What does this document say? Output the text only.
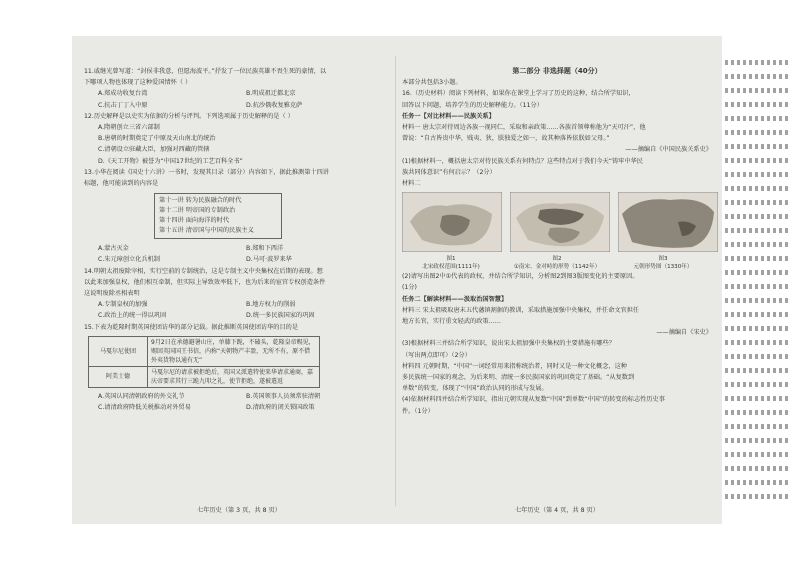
11.戚继光曾写道：“封侯非我意，但愿海波平。”抒发了一位民族英雄不畏生死的豪情，以
下哪项人物也体现了这种爱国情怀（ ）
A.郑成功收复台湾	B.明成祖迁都北京
C.抗击丁丁入中原	D.抗沙俄收复雅克萨
12.历史解释是以史实为依据的分析与评判。下列选项属于历史解释的是（ ）
A.隋朝创立三省六部制
B.唐朝的时期奠定了中原及天山南北的统治
C.清朝设立驻藏大臣，加强对西藏的管辖
D.《天工开物》被誉为“中国17世纪的工艺百科全书”
13.小华在阅读《国史十六讲》一书时，发现其目录（部分）内容如下，据此推测第十四讲
标题，他可能读到的内容是
第十一讲 转为民族融合的时代
第十二讲 明帝国的专制政治
第十四讲 面向海洋的时代
第十五讲 清帝国与中国的民族主义
A.蒙古灭金	B.郑和下西洋
C.朱元璋创立化兵机制	D.马可·波罗来华
14.明朝太祖废除宰相，实行空前的专制统治，这是专制主义中央集权在后期的表现。想
以此来加强皇权，他们相互牵制，但实际上导致效率低下，也为后来的宦官专权创造条件
这说明废除丞相表明
A.专制皇权的加强	B.地方权力的削弱
C.政治上的统一得以巩固	D.统一多民族国家的巩固
15.下表为乾隆时期英国使团访华的部分记载。据此推断英国使团访华的目的是
马戛尔尼使团	9月2日在承德避暑山庄，单膝下跪，不磕头，乾隆皇帝赐见，赐回英国国王书信，内称“天朝物产丰盈，无所不有，原不借外夷货物以通有无”
阿美士德	马戛尔尼的请求被拒绝后，英国又派遣特使来华请求通商，嘉庆帝要求其行三跪九叩之礼，使节拒绝，遂被遣返
A.英国认同清朝政府的外交礼节	B.英国领事人员须常驻清朝
C.请清政府降低关税推动对外贸易	D.清政府的闭关锁国政策
七年历史（第 3 页，共 8 页）
第二部分 非选择题（40分）
本部分共包括3小题。
16.（历史材料）阅读下列材料，如果你在课堂上学习了历史的这种，结合所学知识，
回答以下问题，培养学生的历史解释能力。（11分）
任务一【对比材料——民族关系】
材料一 唐太宗对待周边各族一视同仁，采取和亲政策……各族首领尊称他为“天可汗”，他
曾说：“自古皆贵中华，贱夷、狄，朕独爱之如一，故其种落皆依朕如父母。”
——摘编自《中国民族关系史》
(1)根据材料一，概括唐太宗对待民族关系有何特点？这些特点对于我们今天“铸牢中华民
族共同体意识”有何启示？（2分）
材料二
图1	图2	图3
北宋政权范围(1111年)	①南宋、金对峙的形势（1142年）	元朝形势图（1330年）
(2)请写出图2中①代表的政权，并结合所学知识，分析图2到图3版图变化的主要原因。
(1分)
任务二【解读材料——汲取治国智慧】
材料三 宋太祖吸取唐末五代藩镇割据的教训，采取措施加强中央集权，并任命文官担任
地方长官，实行重文轻武的政策……
——摘编自《宋史》
(3)根据材料三并结合所学知识，说出宋太祖加强中央集权的主要措施有哪些？
（写出两点即可）（2分）
材料四 元朝时期，“中国”一词经常用来指称统治者，同时又是一种文化概念，这种
多民族统一国家的观念，为后来明、清统一多民族国家的巩固奠定了基础。“从复数到
单数”的转变，体现了“中国”政治认同的形成与发展。
(4)依据材料四并结合所学知识，指出元朝实现从复数“中国”到单数“中国”的转变的标志性历史事
件。（1分）
七年历史（第 4 页，共 8 页）
